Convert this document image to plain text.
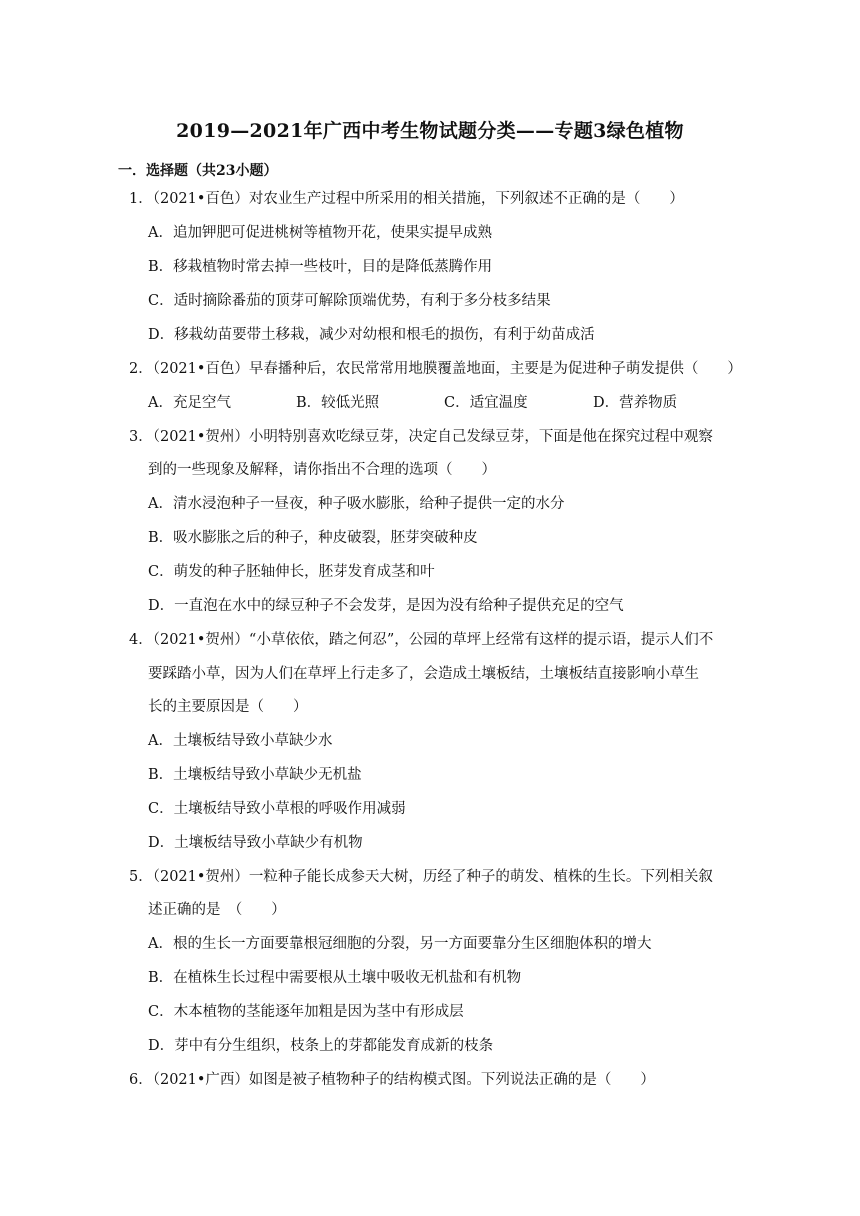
2019—2021年广西中考生物试题分类——专题3绿色植物
一．选择题（共23小题）
1．（2021•百色）对农业生产过程中所采用的相关措施，下列叙述不正确的是（　　）
A．追加钾肥可促进桃树等植物开花，使果实提早成熟
B．移栽植物时常去掉一些枝叶，目的是降低蒸腾作用
C．适时摘除番茄的顶芽可解除顶端优势，有利于多分枝多结果
D．移栽幼苗要带土移栽，减少对幼根和根毛的损伤，有利于幼苗成活
2．（2021•百色）早春播种后，农民常常用地膜覆盖地面，主要是为促进种子萌发提供（　　）
A．充足空气	B．较低光照	C．适宜温度	D．营养物质
3．（2021•贺州）小明特别喜欢吃绿豆芽，决定自己发绿豆芽，下面是他在探究过程中观察
到的一些现象及解释，请你指出不合理的选项（　　）
A．清水浸泡种子一昼夜，种子吸水膨胀，给种子提供一定的水分
B．吸水膨胀之后的种子，种皮破裂，胚芽突破种皮
C．萌发的种子胚轴伸长，胚芽发育成茎和叶
D．一直泡在水中的绿豆种子不会发芽，是因为没有给种子提供充足的空气
4．（2021•贺州）“小草依依，踏之何忍”，公园的草坪上经常有这样的提示语，提示人们不
要踩踏小草，因为人们在草坪上行走多了，会造成土壤板结，土壤板结直接影响小草生
长的主要原因是（　　）
A．土壤板结导致小草缺少水
B．土壤板结导致小草缺少无机盐
C．土壤板结导致小草根的呼吸作用减弱
D．土壤板结导致小草缺少有机物
5．（2021•贺州）一粒种子能长成参天大树，历经了种子的萌发、植株的生长。下列相关叙
述正确的是　（　　）
A．根的生长一方面要靠根冠细胞的分裂，另一方面要靠分生区细胞体积的增大
B．在植株生长过程中需要根从土壤中吸收无机盐和有机物
C．木本植物的茎能逐年加粗是因为茎中有形成层
D．芽中有分生组织，枝条上的芽都能发育成新的枝条
6．（2021•广西）如图是被子植物种子的结构模式图。下列说法正确的是（　　）
